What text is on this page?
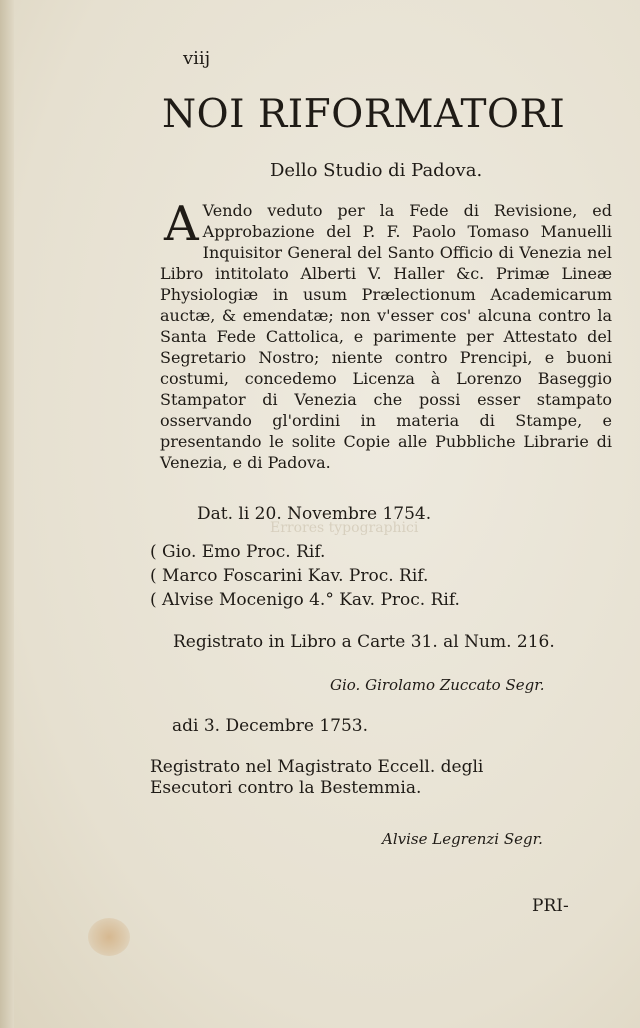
Errores typographici
viij
NOI RIFORMATORI
Dello Studio di Padova.
A Vendo veduto per la Fede di Revisione, ed Approbazione del P. F. Paolo Tomaso Manuelli Inquisitor General del Santo Officio di Venezia nel Libro intitolato Alberti V. Haller &c. Primæ Lineæ Physiologiæ in usum Prælectionum Academicarum auctæ, & emendatæ; non v'esser cos' alcuna contro la Santa Fede Cattolica, e parimente per Attestato del Segretario Nostro; niente contro Prencipi, e buoni costumi, concedemo Licenza à Lorenzo Baseggio Stampator di Venezia che possi esser stampato osservando gl'ordini in materia di Stampe, e presentando le solite Copie alle Pubbliche Librarie di Venezia, e di Padova.
Dat. li 20. Novembre 1754.
( Gio. Emo Proc. Rif.
( Marco Foscarini Kav. Proc. Rif.
( Alvise Mocenigo 4.° Kav. Proc. Rif.
Registrato in Libro a Carte 31. al Num. 216.
Gio. Girolamo Zuccato Segr.
adi 3. Decembre 1753.
Registrato nel Magistrato Eccell. degli Esecutori contro la Bestemmia.
Alvise Legrenzi Segr.
PRI-
